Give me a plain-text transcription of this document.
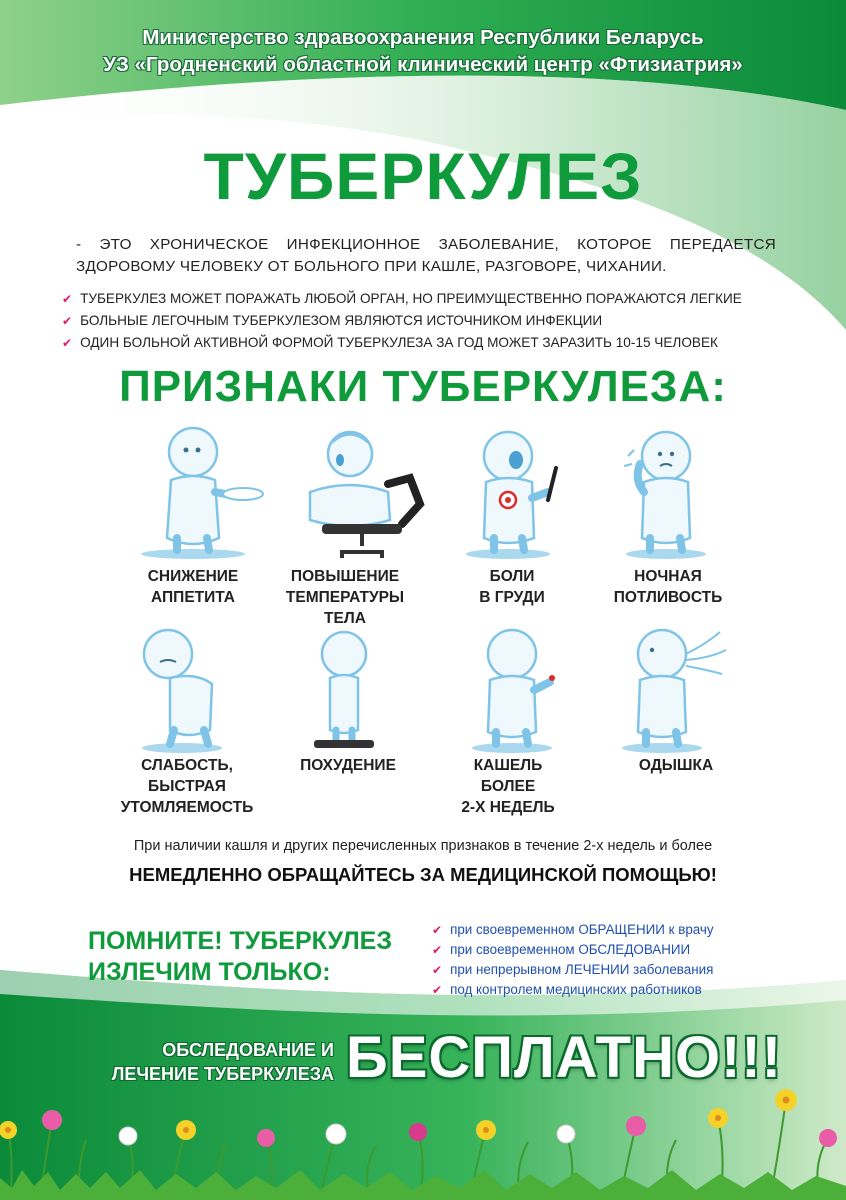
Министерство здравоохранения Республики Беларусь
УЗ «Гродненский областной клинический центр «Фтизиатрия»
ТУБЕРКУЛЕЗ
- ЭТО ХРОНИЧЕСКОЕ ИНФЕКЦИОННОЕ ЗАБОЛЕВАНИЕ, КОТОРОЕ ПЕРЕДАЕТСЯ ЗДОРОВОМУ ЧЕЛОВЕКУ ОТ БОЛЬНОГО ПРИ КАШЛЕ, РАЗГОВОРЕ, ЧИХАНИИ.
✔ ТУБЕРКУЛЕЗ МОЖЕТ ПОРАЖАТЬ ЛЮБОЙ ОРГАН, НО ПРЕИМУЩЕСТВЕННО ПОРАЖАЮТСЯ ЛЕГКИЕ
✔ БОЛЬНЫЕ ЛЕГОЧНЫМ ТУБЕРКУЛЕЗОМ ЯВЛЯЮТСЯ ИСТОЧНИКОМ ИНФЕКЦИИ
✔ ОДИН БОЛЬНОЙ АКТИВНОЙ ФОРМОЙ ТУБЕРКУЛЕЗА ЗА ГОД МОЖЕТ ЗАРАЗИТЬ 10-15 ЧЕЛОВЕК
ПРИЗНАКИ ТУБЕРКУЛЕЗА:
СНИЖЕНИЕ
АППЕТИТА
ПОВЫШЕНИЕ
ТЕМПЕРАТУРЫ
ТЕЛА
БОЛИ
В ГРУДИ
НОЧНАЯ
ПОТЛИВОСТЬ
СЛАБОСТЬ,
БЫСТРАЯ
УТОМЛЯЕМОСТЬ
ПОХУДЕНИЕ	КАШЕЛЬ
БОЛЕЕ
2-Х НЕДЕЛЬ
ОДЫШКА
При наличии кашля и других перечисленных признаков в течение 2-х недель и более
НЕМЕДЛЕННО ОБРАЩАЙТЕСЬ ЗА МЕДИЦИНСКОЙ ПОМОЩЬЮ!
ПОМНИТЕ! ТУБЕРКУЛЕЗ
ИЗЛЕЧИМ ТОЛЬКО:
✔ при своевременном ОБРАЩЕНИИ к врачу
✔ при своевременном ОБСЛЕДОВАНИИ
✔ при непрерывном ЛЕЧЕНИИ заболевания
✔ под контролем медицинских работников
ОБСЛЕДОВАНИЕ И
ЛЕЧЕНИЕ ТУБЕРКУЛЕЗА БЕСПЛАТНО!!!
